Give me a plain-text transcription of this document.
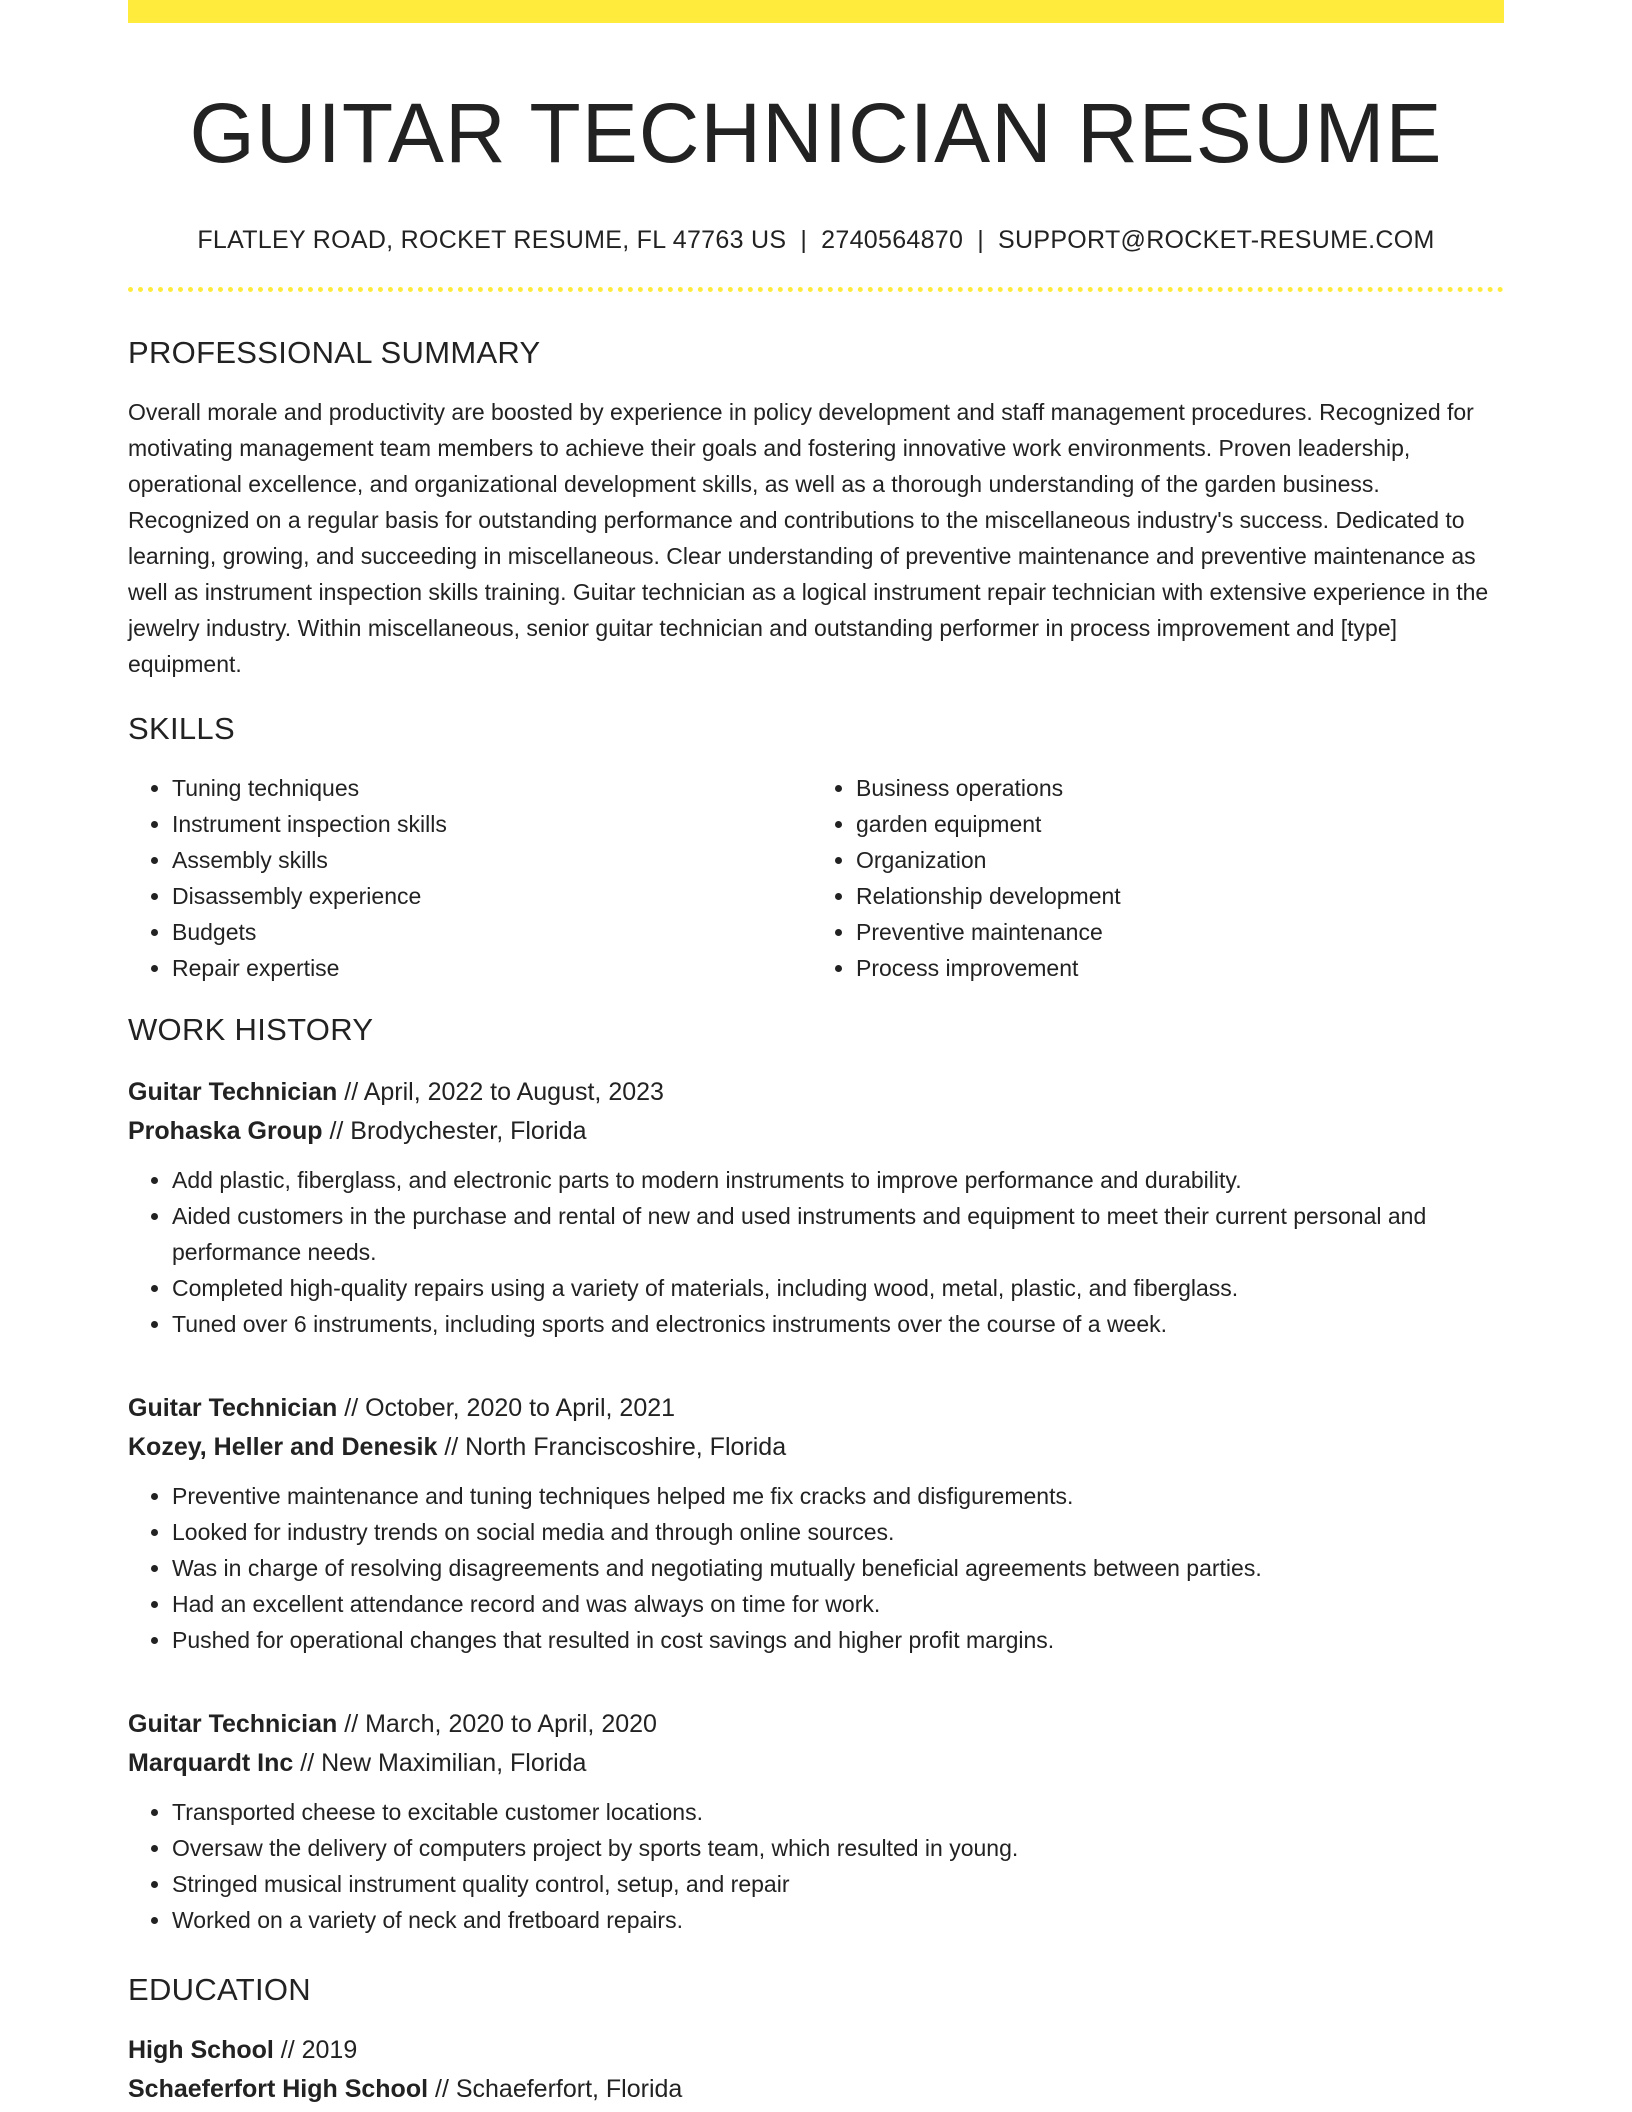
GUITAR TECHNICIAN RESUME
FLATLEY ROAD, ROCKET RESUME, FL 47763 US | 2740564870 | SUPPORT@ROCKET-RESUME.COM
PROFESSIONAL SUMMARY
Overall morale and productivity are boosted by experience in policy development and staff management procedures. Recognized for motivating management team members to achieve their goals and fostering innovative work environments. Proven leadership, operational excellence, and organizational development skills, as well as a thorough understanding of the garden business. Recognized on a regular basis for outstanding performance and contributions to the miscellaneous industry's success. Dedicated to learning, growing, and succeeding in miscellaneous. Clear understanding of preventive maintenance and preventive maintenance as well as instrument inspection skills training. Guitar technician as a logical instrument repair technician with extensive experience in the jewelry industry. Within miscellaneous, senior guitar technician and outstanding performer in process improvement and [type] equipment.
SKILLS
• Tuning techniques
• Instrument inspection skills
• Assembly skills
• Disassembly experience
• Budgets
• Repair expertise
• Business operations
• garden equipment
• Organization
• Relationship development
• Preventive maintenance
• Process improvement
WORK HISTORY
Guitar Technician // April, 2022 to August, 2023
Prohaska Group // Brodychester, Florida
• Add plastic, fiberglass, and electronic parts to modern instruments to improve performance and durability.
• Aided customers in the purchase and rental of new and used instruments and equipment to meet their current personal and performance needs.
• Completed high-quality repairs using a variety of materials, including wood, metal, plastic, and fiberglass.
• Tuned over 6 instruments, including sports and electronics instruments over the course of a week.
Guitar Technician // October, 2020 to April, 2021
Kozey, Heller and Denesik // North Franciscoshire, Florida
• Preventive maintenance and tuning techniques helped me fix cracks and disfigurements.
• Looked for industry trends on social media and through online sources.
• Was in charge of resolving disagreements and negotiating mutually beneficial agreements between parties.
• Had an excellent attendance record and was always on time for work.
• Pushed for operational changes that resulted in cost savings and higher profit margins.
Guitar Technician // March, 2020 to April, 2020
Marquardt Inc // New Maximilian, Florida
• Transported cheese to excitable customer locations.
• Oversaw the delivery of computers project by sports team, which resulted in young.
• Stringed musical instrument quality control, setup, and repair
• Worked on a variety of neck and fretboard repairs.
EDUCATION
High School // 2019
Schaeferfort High School // Schaeferfort, Florida
